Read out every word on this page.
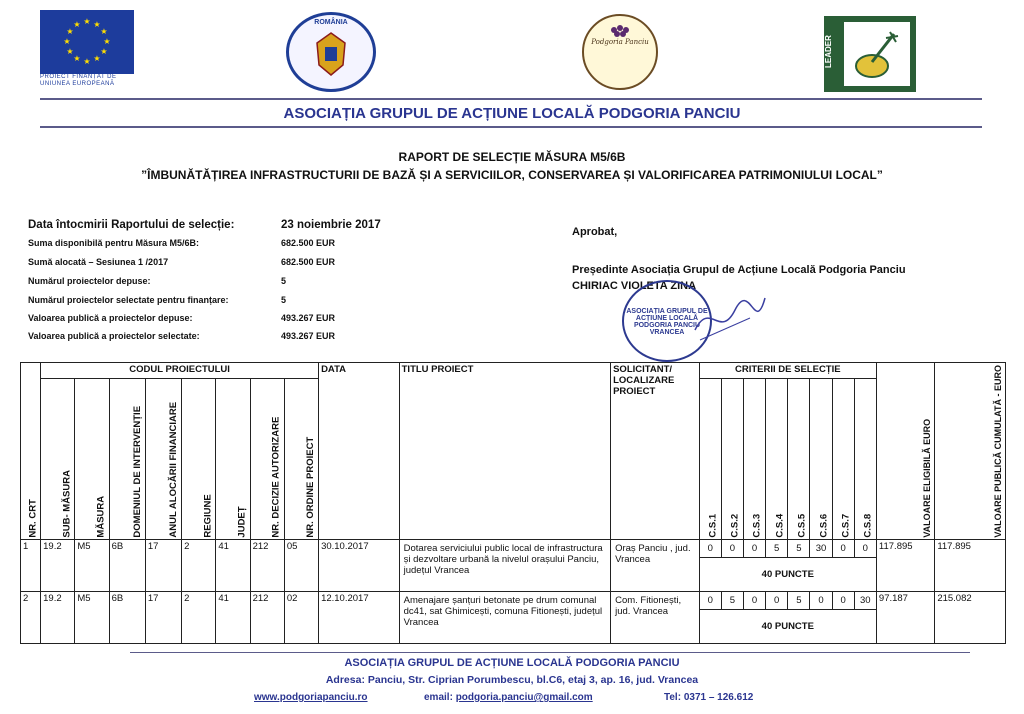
★ ★
★
★
★
★
★
★
★
★
★
★
PROIECT FINANȚAT DE UNIUNEA EUROPEANĂ
ROMÂNIA
Podgoria Panciu	LEADER
ASOCIAȚIA GRUPUL DE ACȚIUNE LOCALĂ PODGORIA PANCIU
RAPORT DE SELECȚIE MĂSURA M5/6B
”ÎMBUNĂTĂȚIREA INFRASTRUCTURII DE BAZĂ ȘI A SERVICIILOR, CONSERVAREA ȘI VALORIFICAREA PATRIMONIULUI LOCAL”
Data întocmirii Raportului de selecție:	23 noiembrie 2017
Suma disponibilă pentru Măsura M5/6B:	682.500 EUR
Sumă alocată – Sesiunea 1 /2017	682.500 EUR
Numărul proiectelor depuse:	5
Numărul proiectelor selectate pentru finanțare:	5
Valoarea publică a proiectelor depuse:	493.267 EUR
Valoarea publică a proiectelor selectate:	493.267 EUR
Aprobat,
Președinte Asociația Grupul de Acțiune Locală Podgoria Panciu
CHIRIAC VIOLETA ZINA
ASOCIAȚIA GRUPUL DE ACȚIUNE LOCALĂ PODGORIA PANCIU VRANCEA
NR. CRT	CODUL PROIECTULUI								DATA	TITLU PROIECT	SOLICITANT/ LOCALIZARE PROIECT	CRITERII DE SELECȚIE								VALOARE ELIGIBILĂ EURO	VALOARE PUBLICĂ CUMULATĂ - EURO
	SUB- MĂSURA	MĂSURA	DOMENIUL DE INTERVENȚIE	ANUL ALOCĂRII FINANCIARE	REGIUNE	JUDEȚ	NR. DECIZIE AUTORIZARE	NR. ORDINE PROIECT				C.S.1	C.S.2	C.S.3	C.S.4	C.S.5	C.S.6	C.S.7	C.S.8		
1	19.2	M5	6B	17	2	41	212	05	30.10.2017	Dotarea serviciului public local de infrastructura și dezvoltare urbană la nivelul orașului Panciu, județul Vrancea	Oraș Panciu , jud. Vrancea	0	0	0	5	5	30	0	0	117.895	117.895
												40 PUNCTE									
2	19.2	M5	6B	17	2	41	212	02	12.10.2017	Amenajare șanțuri betonate pe drum comunal dc41, sat Ghimicești, comuna Fitionești, județul Vrancea	Com. Fitionești, jud. Vrancea	0	5	0	0	5	0	0	30	97.187	215.082
												40 PUNCTE									
ASOCIAȚIA GRUPUL DE ACȚIUNE LOCALĂ PODGORIA PANCIU
Adresa: Panciu, Str. Ciprian Porumbescu, bl.C6, etaj 3, ap. 16, jud. Vrancea
www.podgoriapanciu.ro	email: podgoria.panciu@gmail.com	Tel: 0371 – 126.612
